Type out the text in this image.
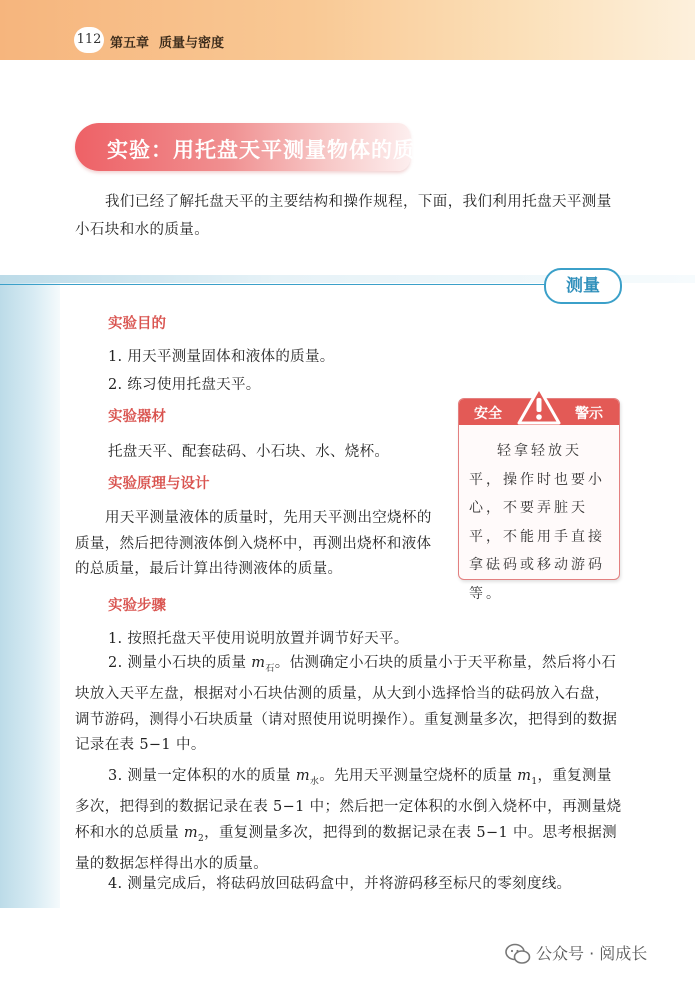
112 第五章 质量与密度
实验：用托盘天平测量物体的质量
我们已经了解托盘天平的主要结构和操作规程，下面，我们利用托盘天平测量小石块和水的质量。
测量
实验目的
1. 用天平测量固体和液体的质量。
2. 练习使用托盘天平。
实验器材
托盘天平、配套砝码、小石块、水、烧杯。
实验原理与设计
用天平测量液体的质量时，先用天平测出空烧杯的质量，然后把待测液体倒入烧杯中，再测出烧杯和液体的总质量，最后计算出待测液体的质量。
安全	警示
轻拿轻放天平，操作时也要小心，不要弄脏天平，不能用手直接拿砝码或移动游码等。
实验步骤
1. 按照托盘天平使用说明放置并调节好天平。
2. 测量小石块的质量 $m_石$。估测确定小石块的质量小于天平称量，然后将小石块放入天平左盘，根据对小石块估测的质量，从大到小选择恰当的砝码放入右盘，调节游码，测得小石块质量（请对照使用说明操作）。重复测量多次，把得到的数据记录在表 5−1 中。
3. 测量一定体积的水的质量 $m_水$。先用天平测量空烧杯的质量 $m_1$，重复测量多次，把得到的数据记录在表 5−1 中；然后把一定体积的水倒入烧杯中，再测量烧杯和水的总质量 $m_2$，重复测量多次，把得到的数据记录在表 5−1 中。思考根据测量的数据怎样得出水的质量。
4. 测量完成后，将砝码放回砝码盒中，并将游码移至标尺的零刻度线。
公众号 · 阅成长
